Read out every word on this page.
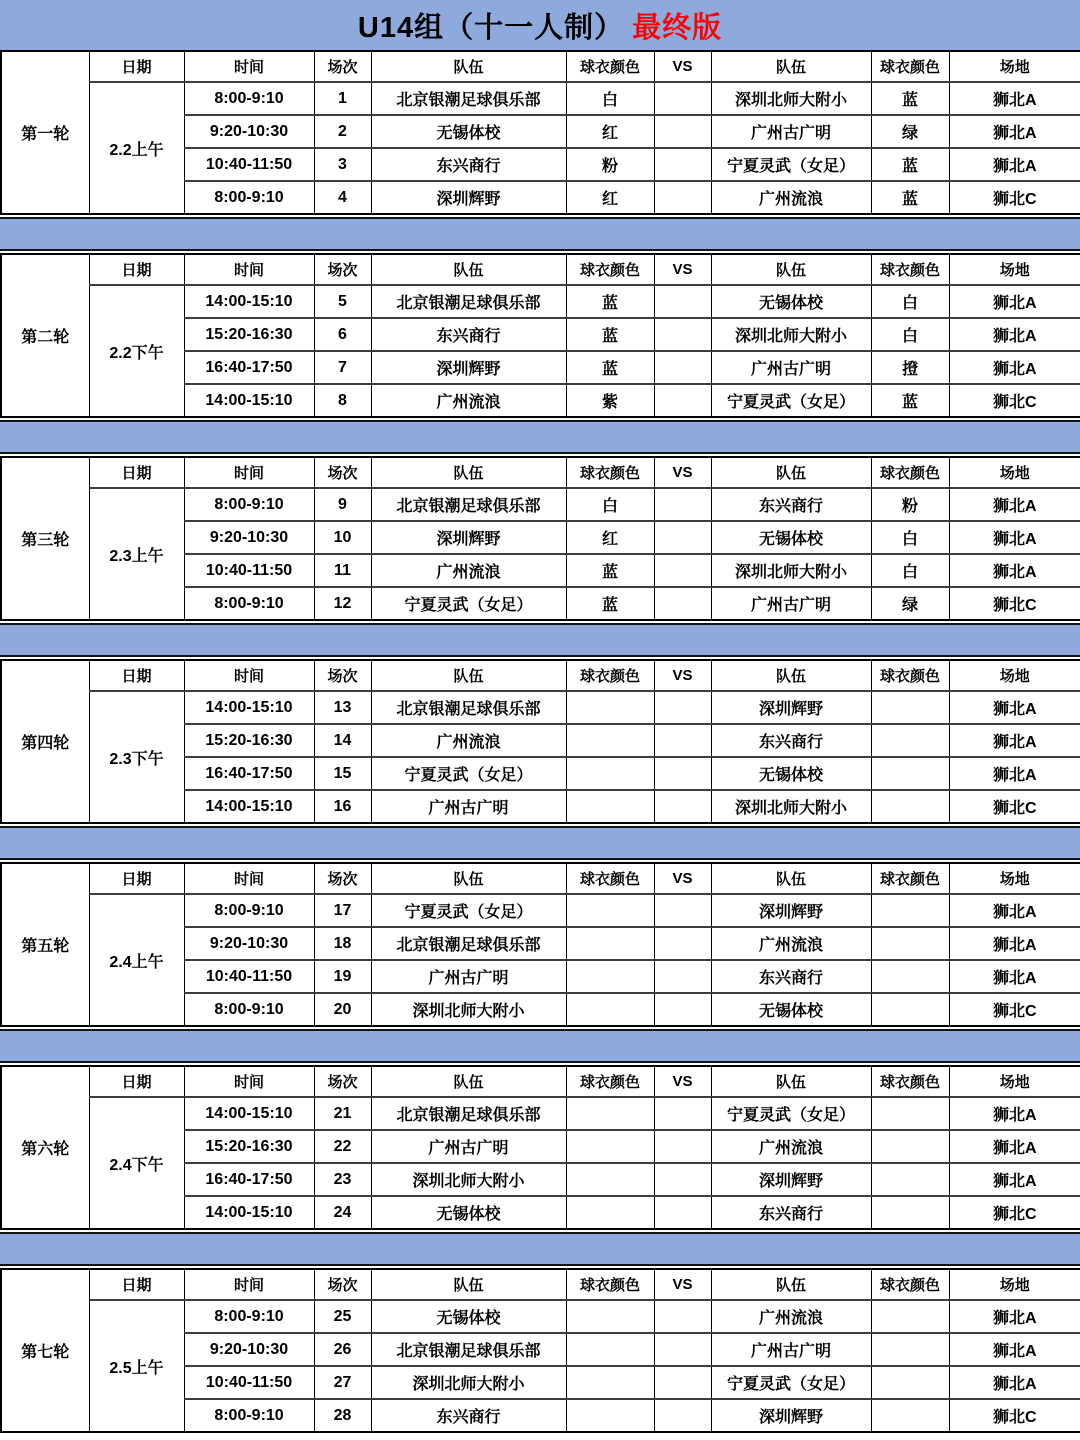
U14组（十一人制） 最终版
第一轮	日期	时间	场次	队伍	球衣颜色	VS	队伍	球衣颜色	场地
	2.2上午	8:00-9:10	1	北京银潮足球俱乐部	白		深圳北师大附小	蓝	狮北A
		9:20-10:30	2	无锡体校	红		广州古广明	绿	狮北A
		10:40-11:50	3	东兴商行	粉		宁夏灵武（女足）	蓝	狮北A
		8:00-9:10	4	深圳辉野	红		广州流浪	蓝	狮北C
第二轮	日期	时间	场次	队伍	球衣颜色	VS	队伍	球衣颜色	场地
	2.2下午	14:00-15:10	5	北京银潮足球俱乐部	蓝		无锡体校	白	狮北A
		15:20-16:30	6	东兴商行	蓝		深圳北师大附小	白	狮北A
		16:40-17:50	7	深圳辉野	蓝		广州古广明	撜	狮北A
		14:00-15:10	8	广州流浪	紫		宁夏灵武（女足）	蓝	狮北C
第三轮	日期	时间	场次	队伍	球衣颜色	VS	队伍	球衣颜色	场地
	2.3上午	8:00-9:10	9	北京银潮足球俱乐部	白		东兴商行	粉	狮北A
		9:20-10:30	10	深圳辉野	红		无锡体校	白	狮北A
		10:40-11:50	11	广州流浪	蓝		深圳北师大附小	白	狮北A
		8:00-9:10	12	宁夏灵武（女足）	蓝		广州古广明	绿	狮北C
第四轮	日期	时间	场次	队伍	球衣颜色	VS	队伍	球衣颜色	场地
	2.3下午	14:00-15:10	13	北京银潮足球俱乐部			深圳辉野		狮北A
		15:20-16:30	14	广州流浪			东兴商行		狮北A
		16:40-17:50	15	宁夏灵武（女足）			无锡体校		狮北A
		14:00-15:10	16	广州古广明			深圳北师大附小		狮北C
第五轮	日期	时间	场次	队伍	球衣颜色	VS	队伍	球衣颜色	场地
	2.4上午	8:00-9:10	17	宁夏灵武（女足）			深圳辉野		狮北A
		9:20-10:30	18	北京银潮足球俱乐部			广州流浪		狮北A
		10:40-11:50	19	广州古广明			东兴商行		狮北A
		8:00-9:10	20	深圳北师大附小			无锡体校		狮北C
第六轮	日期	时间	场次	队伍	球衣颜色	VS	队伍	球衣颜色	场地
	2.4下午	14:00-15:10	21	北京银潮足球俱乐部			宁夏灵武（女足）		狮北A
		15:20-16:30	22	广州古广明			广州流浪		狮北A
		16:40-17:50	23	深圳北师大附小			深圳辉野		狮北A
		14:00-15:10	24	无锡体校			东兴商行		狮北C
第七轮	日期	时间	场次	队伍	球衣颜色	VS	队伍	球衣颜色	场地
	2.5上午	8:00-9:10	25	无锡体校			广州流浪		狮北A
		9:20-10:30	26	北京银潮足球俱乐部			广州古广明		狮北A
		10:40-11:50	27	深圳北师大附小			宁夏灵武（女足）		狮北A
		8:00-9:10	28	东兴商行			深圳辉野		狮北C
